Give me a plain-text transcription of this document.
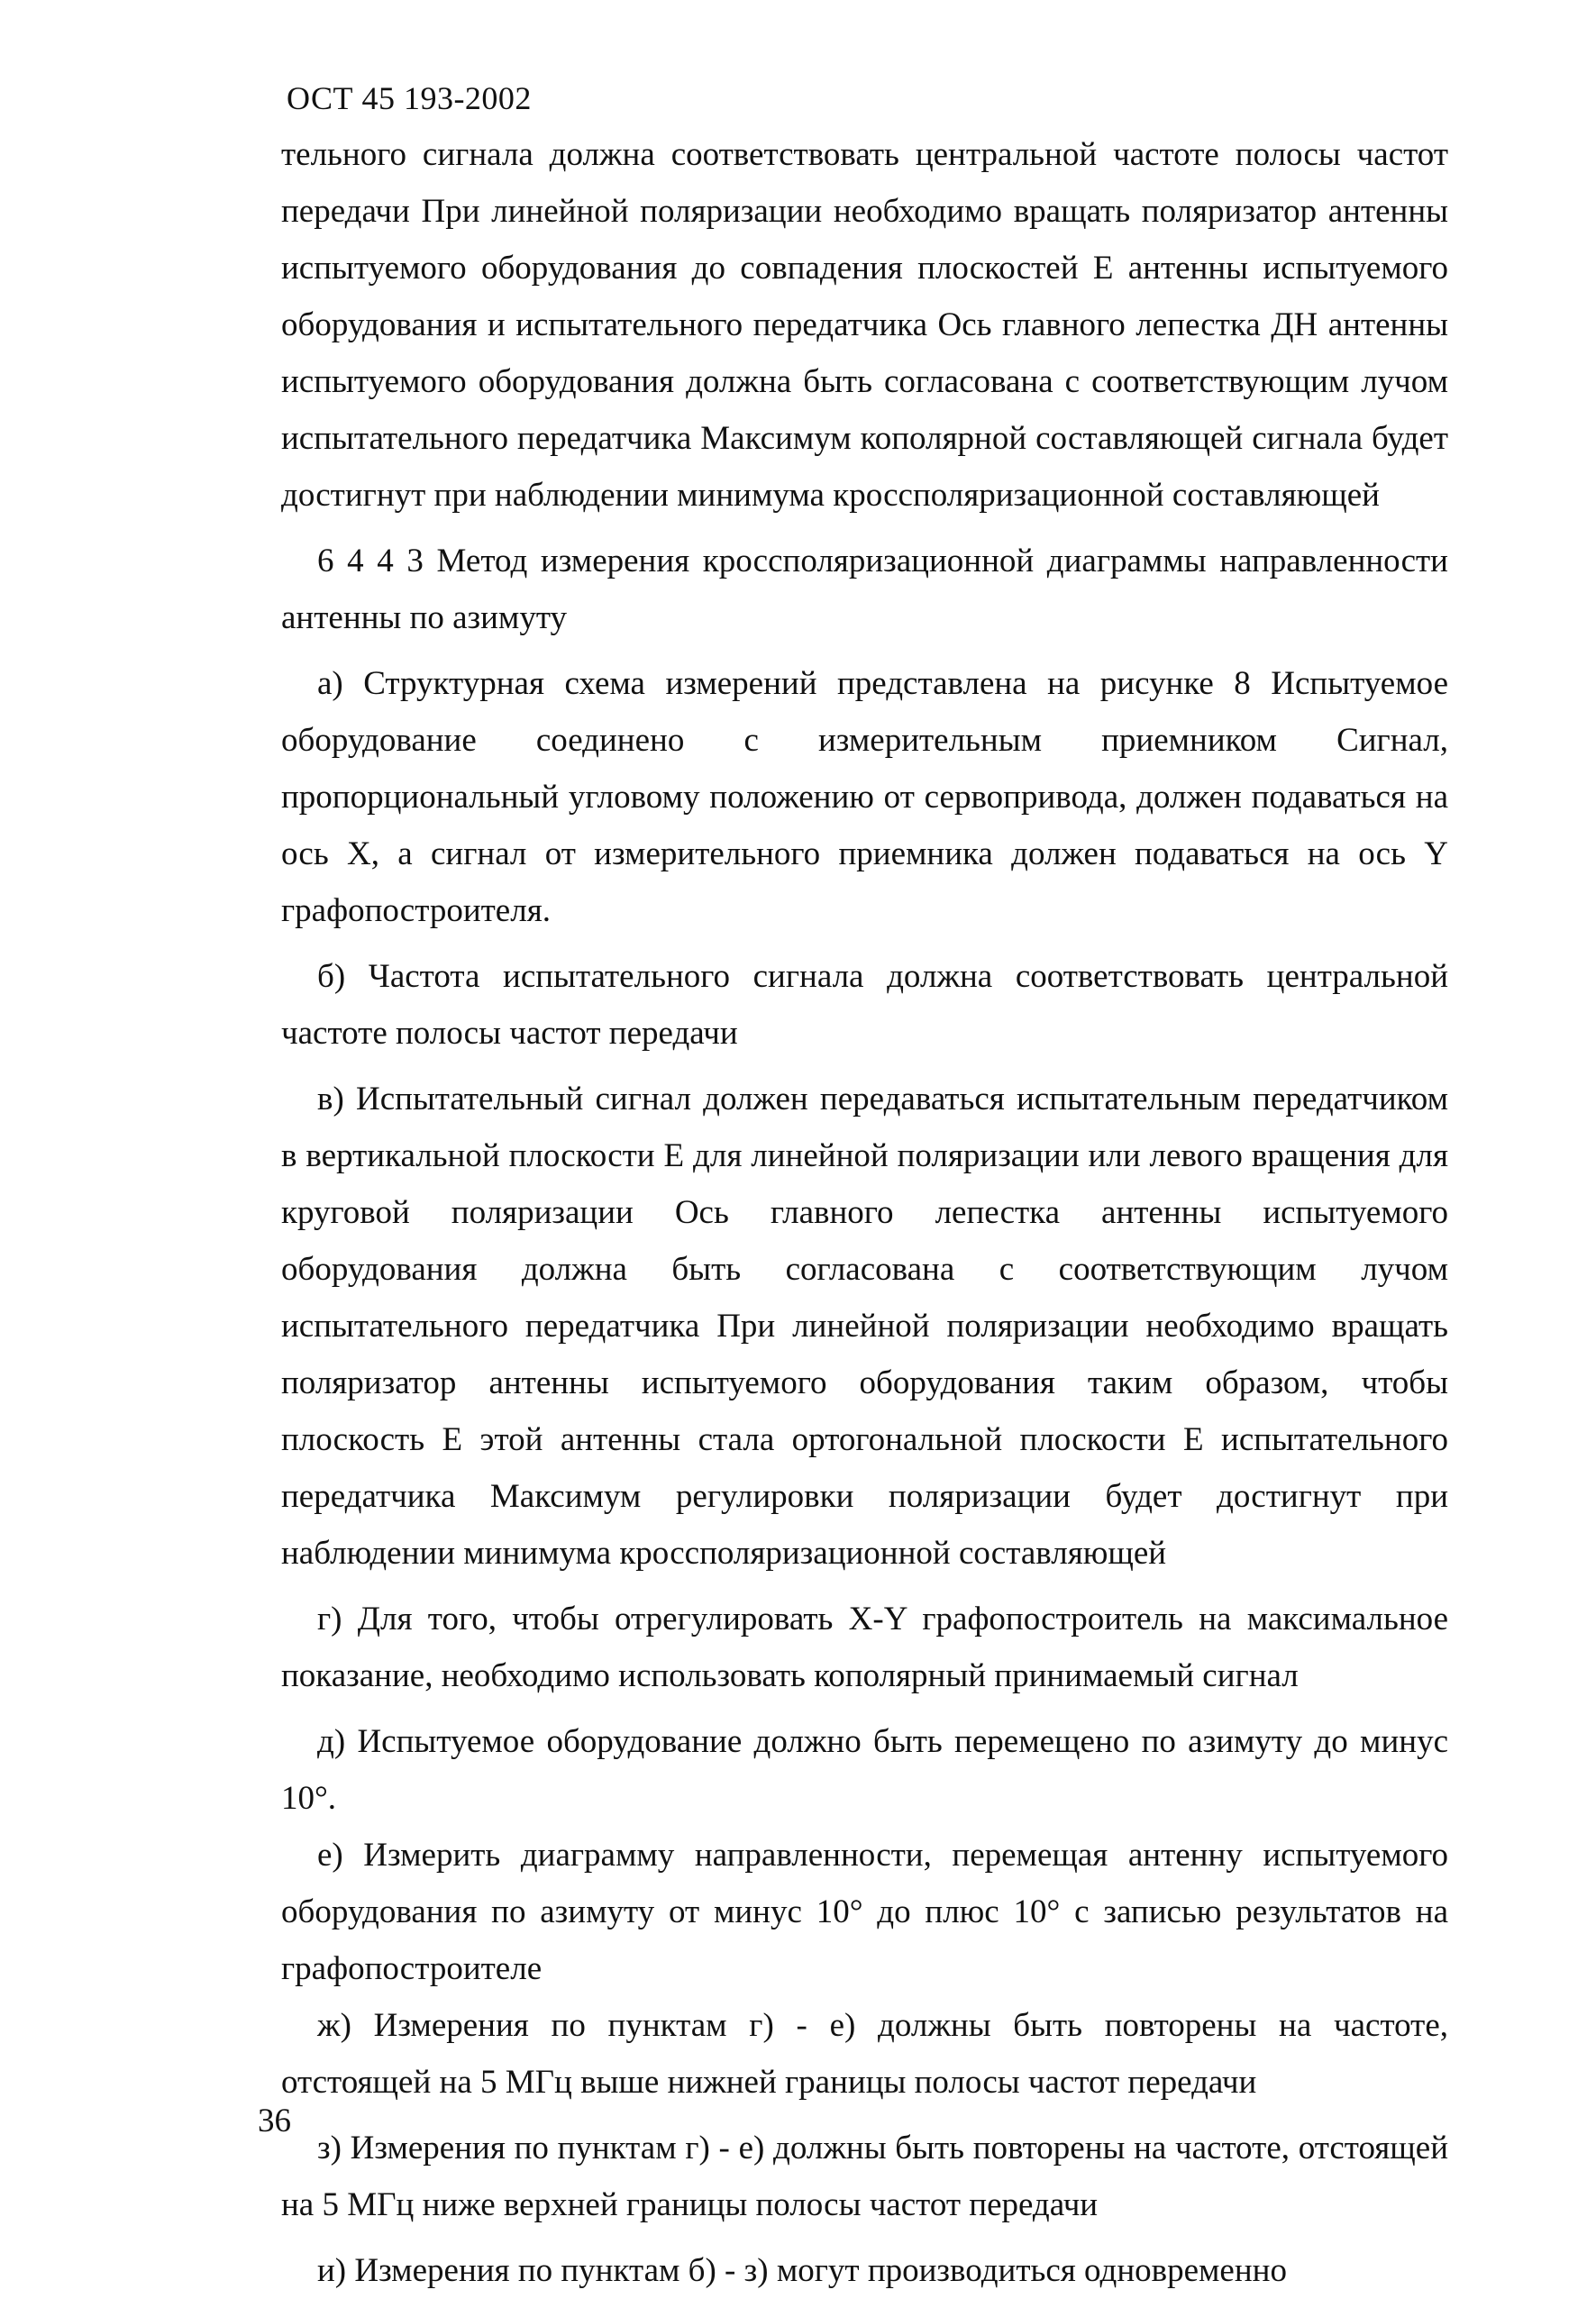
ОСТ 45 193-2002

тельного сигнала должна соответствовать центральной частоте полосы частот передачи При линейной поляризации необходимо вращать поляризатор антенны испытуемого оборудования до совпадения плоскостей Е антенны испытуемого оборудования и испытательного передатчика Ось главного лепестка ДН антенны испытуемого оборудования должна быть согласована с соответствующим лучом испытательного передатчика Максимум кополярной составляющей сигнала будет достигнут при наблюдении минимума кроссполяризационной составляющей

6 4 4 3 Метод измерения кроссполяризационной диаграммы направленности антенны по азимуту

а) Структурная схема измерений представлена на рисунке 8 Испытуемое оборудование соединено с измерительным приемником Сигнал, пропорциональный угловому положению от сервопривода, должен подаваться на ось X, а сигнал от измерительного приемника должен подаваться на ось Y графопостроителя.

б) Частота испытательного сигнала должна соответствовать центральной частоте полосы частот передачи

в) Испытательный сигнал должен передаваться испытательным передатчиком в вертикальной плоскости Е для линейной поляризации или левого вращения для круговой поляризации Ось главного лепестка антенны испытуемого оборудования должна быть согласована с соответствующим лучом испытательного передатчика При линейной поляризации необходимо вращать поляризатор антенны испытуемого оборудования таким образом, чтобы плоскость Е этой антенны стала ортогональной плоскости Е испытательного передатчика Максимум регулировки поляризации будет достигнут при наблюдении минимума кроссполяризационной составляющей

г) Для того, чтобы отрегулировать X-Y графопостроитель на максимальное показание, необходимо использовать кополярный принимаемый сигнал

д) Испытуемое оборудование должно быть перемещено по азимуту до минус 10°.

е) Измерить диаграмму направленности, перемещая антенну испытуемого оборудования по азимуту от минус 10° до плюс 10° с записью результатов на графопостроителе

ж) Измерения по пунктам г) - е) должны быть повторены на частоте, отстоящей на 5 МГц выше нижней границы полосы частот передачи

з) Измерения по пунктам г) - е) должны быть повторены на частоте, отстоящей на 5 МГц ниже верхней границы полосы частот передачи

и) Измерения по пунктам б) - з) могут производиться одновременно

36
